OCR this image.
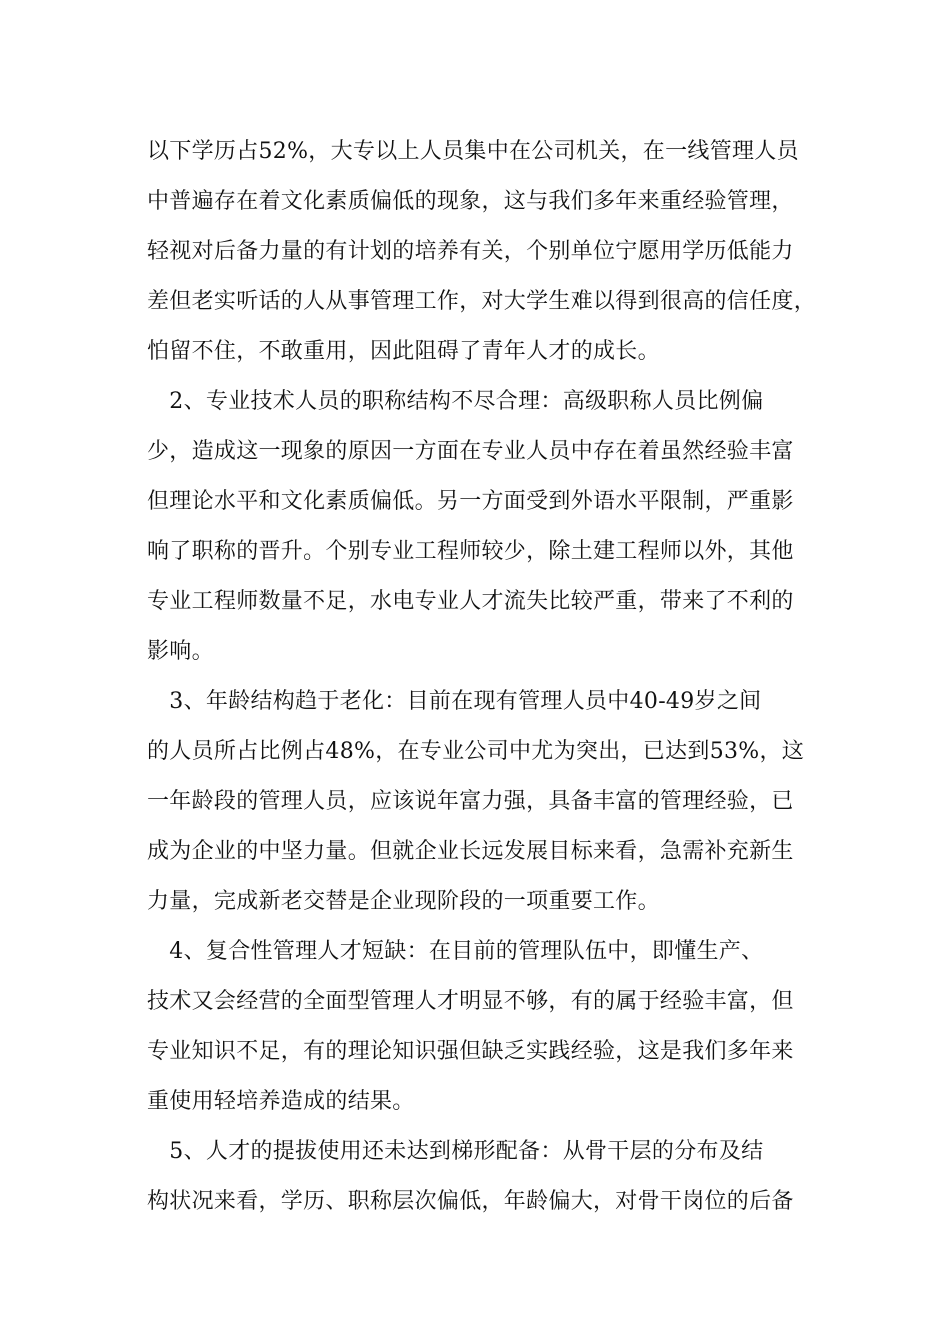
以下学历占52%，大专以上人员集中在公司机关，在一线管理人员
中普遍存在着文化素质偏低的现象，这与我们多年来重经验管理，
轻视对后备力量的有计划的培养有关，个别单位宁愿用学历低能力
差但老实听话的人从事管理工作，对大学生难以得到很高的信任度，
怕留不住，不敢重用，因此阻碍了青年人才的成长。
　2、专业技术人员的职称结构不尽合理：高级职称人员比例偏
少，造成这一现象的原因一方面在专业人员中存在着虽然经验丰富
但理论水平和文化素质偏低。另一方面受到外语水平限制，严重影
响了职称的晋升。个别专业工程师较少，除土建工程师以外，其他
专业工程师数量不足，水电专业人才流失比较严重，带来了不利的
影响。
　3、年龄结构趋于老化：目前在现有管理人员中40-49岁之间
的人员所占比例占48%，在专业公司中尤为突出，已达到53%，这
一年龄段的管理人员，应该说年富力强，具备丰富的管理经验，已
成为企业的中坚力量。但就企业长远发展目标来看，急需补充新生
力量，完成新老交替是企业现阶段的一项重要工作。
　4、复合性管理人才短缺：在目前的管理队伍中，即懂生产、
技术又会经营的全面型管理人才明显不够，有的属于经验丰富，但
专业知识不足，有的理论知识强但缺乏实践经验，这是我们多年来
重使用轻培养造成的结果。
　5、人才的提拔使用还未达到梯形配备：从骨干层的分布及结
构状况来看，学历、职称层次偏低，年龄偏大，对骨干岗位的后备
